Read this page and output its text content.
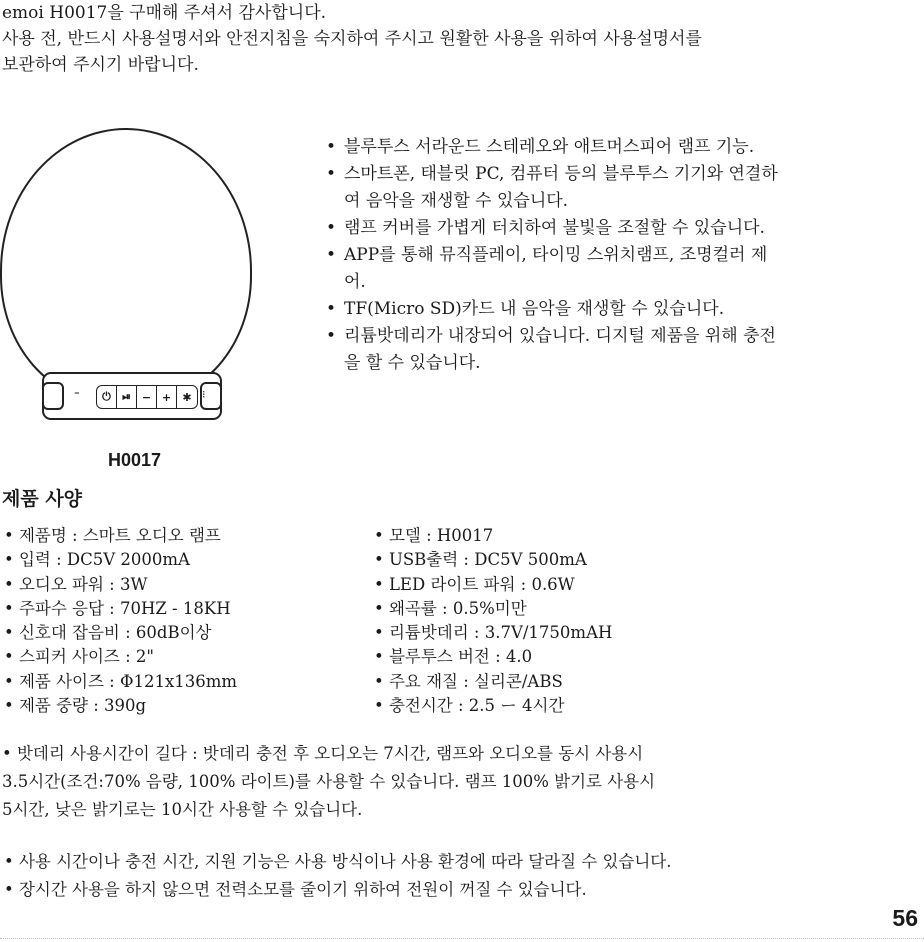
emoi H0017을 구매해 주셔서 감사합니다.

사용 전, 반드시 사용설명서와 안전지침을 숙지하여 주시고 원활한 사용을 위하여 사용설명서를

보관하여 주시기 바랍니다.

⁼	⏻	⏯ − +	✱ ⁝
H0017
• 블루투스 서라운드 스테레오와 애트머스피어 램프 기능.
• 스마트폰, 태블릿 PC, 컴퓨터 등의 블루투스 기기와 연결하여 음악을 재생할 수 있습니다.
• 램프 커버를 가볍게 터치하여 불빛을 조절할 수 있습니다.
• APP를 통해 뮤직플레이, 타이밍 스위치램프, 조명컬러 제어.
• TF(Micro SD)카드 내 음악을 재생할 수 있습니다.
• 리튬밧데리가 내장되어 있습니다. 디지털 제품을 위해 충전을 할 수 있습니다.
제품 사양
• 제품명 : 스마트 오디오 램프	• 모델 : H0017
• 입력 : DC5V 2000mA	• USB출력 : DC5V 500mA
• 오디오 파워 : 3W	• LED 라이트 파워 : 0.6W
• 주파수 응답 : 70HZ - 18KH	• 왜곡률 : 0.5%미만
• 신호대 잡음비 : 60dB이상	• 리튬밧데리 : 3.7V/1750mAH
• 스피커 사이즈 : 2"	• 블루투스 버전 : 4.0
• 제품 사이즈 : Φ121x136mm	• 주요 재질 : 실리콘/ABS
• 제품 중량 : 390g	• 충전시간 : 2.5 ー 4시간

• 밧데리 사용시간이 길다 : 밧데리 충전 후 오디오는 7시간, 램프와 오디오를 동시 사용시

3.5시간(조건:70% 음량, 100% 라이트)를 사용할 수 있습니다. 램프 100% 밝기로 사용시

5시간, 낮은 밝기로는 10시간 사용할 수 있습니다.

• 사용 시간이나 충전 시간, 지원 기능은 사용 방식이나 사용 환경에 따라 달라질 수 있습니다.

• 장시간 사용을 하지 않으면 전력소모를 줄이기 위하여 전원이 꺼질 수 있습니다.

56
